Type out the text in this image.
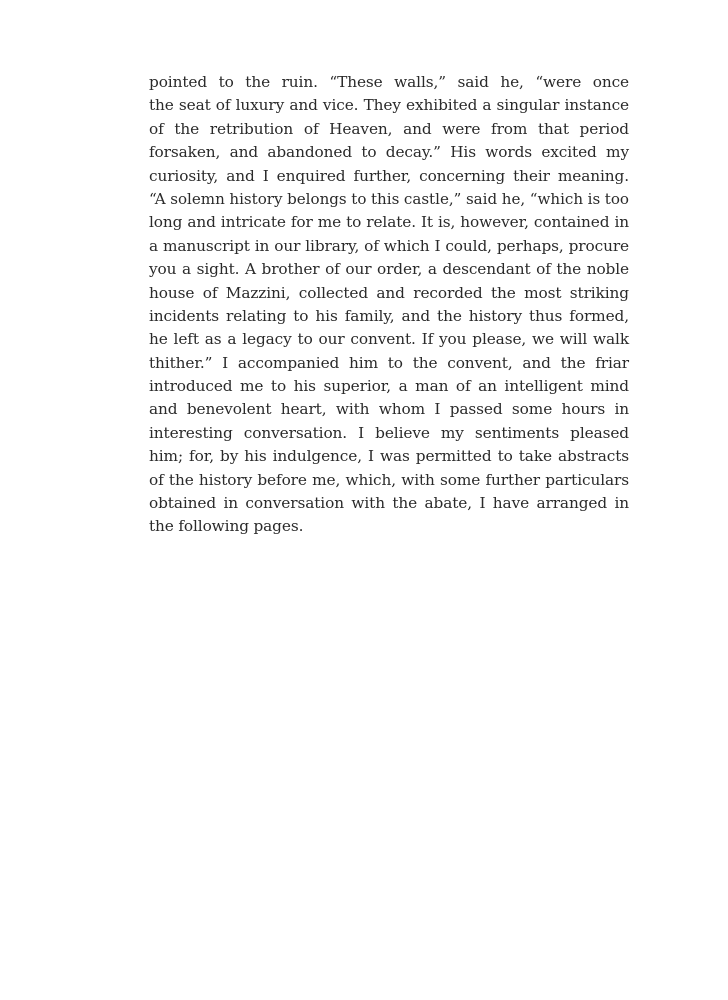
pointed to the ruin. “These walls,” said he, “were once
the seat of luxury and vice. They exhibited a singular instance
of the retribution of Heaven, and were from that period
forsaken, and abandoned to decay.” His words excited my
curiosity, and I enquired further, concerning their meaning.
“A solemn history belongs to this castle,” said he, “which is too
long and intricate for me to relate. It is, however, contained in
a manuscript in our library, of which I could, perhaps, procure
you a sight. A brother of our order, a descendant of the noble
house of Mazzini, collected and recorded the most striking
incidents relating to his family, and the history thus formed,
he left as a legacy to our convent. If you please, we will walk
thither.” I accompanied him to the convent, and the friar
introduced me to his superior, a man of an intelligent mind
and benevolent heart, with whom I passed some hours in
interesting conversation. I believe my sentiments pleased
him; for, by his indulgence, I was permitted to take abstracts
of the history before me, which, with some further particulars
obtained in conversation with the abate, I have arranged in
the following pages.
